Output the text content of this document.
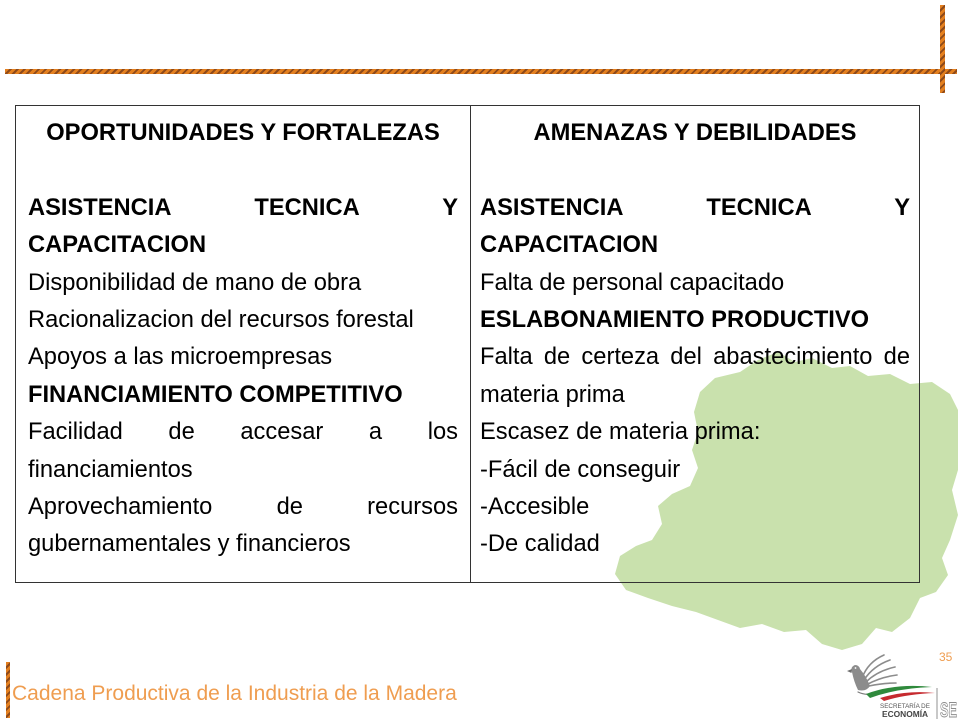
OPORTUNIDADES Y FORTALEZAS

ASISTENCIA TECNICA Y CAPACITACION

Disponibilidad de mano de obra

Racionalizacion del recursos forestal

Apoyos a las microempresas

FINANCIAMIENTO COMPETITIVO

Facilidad de accesar a los financiamientos

Aprovechamiento de recursos gubernamentales y financieros

AMENAZAS Y DEBILIDADES

ASISTENCIA TECNICA Y CAPACITACION

Falta de personal capacitado

ESLABONAMIENTO PRODUCTIVO

Falta de certeza del abastecimiento de materia prima

Escasez de materia prima:

-Fácil de conseguir

-Accesible

-De calidad

Cadena Productiva de la Industria de la Madera
35
SECRETARÍA DE
ECONOMÍA SE
